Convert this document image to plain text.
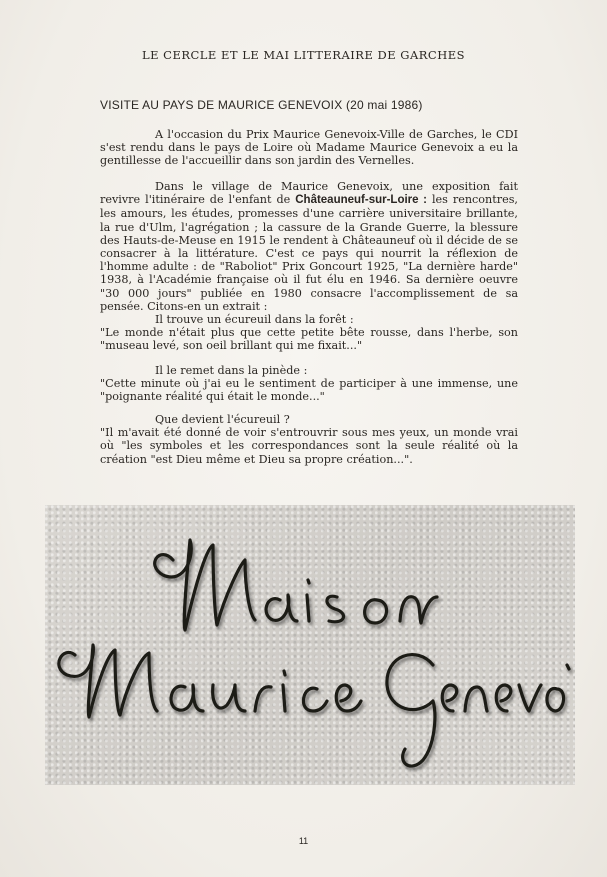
LE CERCLE ET LE MAI LITTERAIRE DE GARCHES
VISITE AU PAYS DE MAURICE GENEVOIX (20 mai 1986)
A l'occasion du Prix Maurice Genevoix-Ville de Garches, le CDI s'est rendu dans le pays de Loire où Madame Maurice Genevoix a eu la gentillesse de l'accueillir dans son jardin des Vernelles.
Dans le village de Maurice Genevoix, une exposition fait revivre l'itinéraire de l'enfant de Châteauneuf-sur-Loire : les rencontres, les amours, les études, promesses d'une carrière universitaire brillante, la rue d'Ulm, l'agrégation ; la cassure de la Grande Guerre, la blessure des Hauts-de-Meuse en 1915 le rendent à Châteauneuf où il décide de se consacrer à la littérature. C'est ce pays qui nourrit la réflexion de l'homme adulte : de "Raboliot" Prix Goncourt 1925, "La dernière harde" 1938, à l'Académie française où il fut élu en 1946. Sa dernière oeuvre "30 000 jours" publiée en 1980 consacre l'accomplissement de sa pensée. Citons-en un extrait :
Il trouve un écureuil dans la forêt :
"Le monde n'était plus que cette petite bête rousse, dans l'herbe, son "museau levé, son oeil brillant qui me fixait..."
Il le remet dans la pinède :
"Cette minute où j'ai eu le sentiment de participer à une immense, une "poignante réalité qui était le monde..."
Que devient l'écureuil ?
"Il m'avait été donné de voir s'entrouvrir sous mes yeux, un monde vrai où "les symboles et les correspondances sont la seule réalité où la création "est Dieu même et Dieu sa propre création...".
11
